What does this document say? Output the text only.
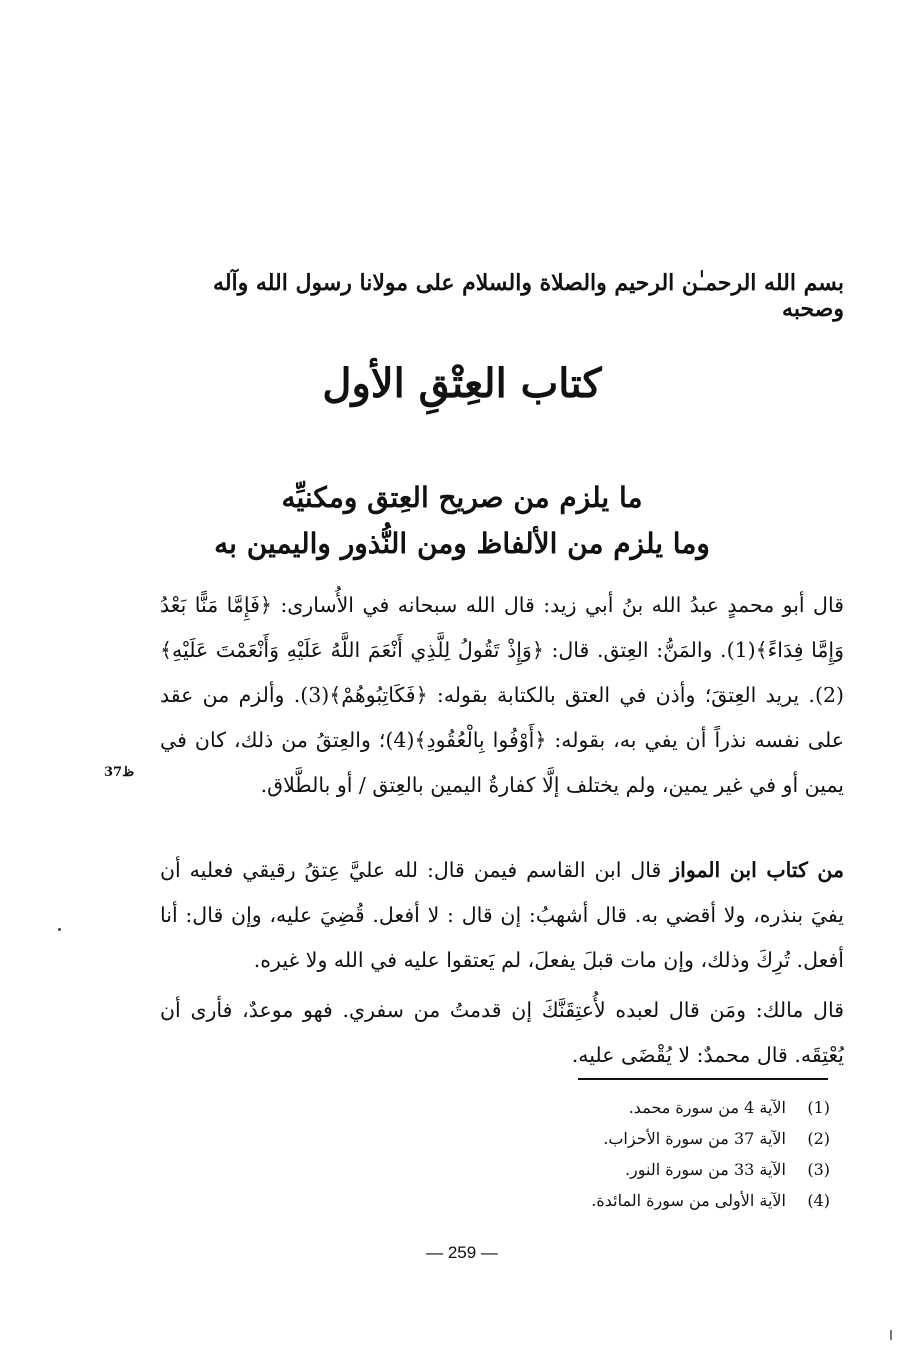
بسم الله الرحمـٰن الرحيم والصلاة والسلام على مولانا رسول الله وآله وصحبه
كتاب العِتْقِ الأول
ما يلزم من صريح العِتق ومكنيِّه
وما يلزم من الألفاظ ومن النُّذور واليمين به
قال أبو محمدٍ عبدُ الله بنُ أبي زيد: قال الله سبحانه في الأُسارى: ﴿فَإِمَّا مَنًّا بَعْدُ وَإِمَّا فِدَاءً﴾(1). والمَنُّ: العِتق. قال: ﴿وَإِذْ تَقُولُ لِلَّذِي أَنْعَمَ اللَّهُ عَلَيْهِ وَأَنْعَمْتَ عَلَيْهِ﴾(2). يريد العِتقَ؛ وأذن في العتق بالكتابة بقوله: ﴿فَكَاتِبُوهُمْ﴾(3). وألزم من عقد على نفسه نذراً أن يفي به، بقوله: ﴿أَوْفُوا بِالْعُقُودِ﴾(4)؛ والعِتقُ من ذلك، كان في يمين أو في غير يمين، ولم يختلف إلَّا كفارةُ اليمين بالعِتق / أو بالطَّلاق.
ظ37
من كتاب ابن المواز قال ابن القاسم فيمن قال: لله عليَّ عِتقُ رقيقي فعليه أن يفيَ بنذره، ولا أقضي به. قال أشهبُ: إن قال : لا أفعل. قُضِيَ عليه، وإن قال: أنا أفعل. تُرِكَ وذلك، وإن مات قبلَ يفعلَ، لم يَعتقوا عليه في الله ولا غيره.
قال مالك: ومَن قال لعبده لأُعتِقَنَّكَ إن قدمتُ من سفري. فهو موعدٌ، فأرى أن يُعْتِقَه. قال محمدٌ: لا يُقْضَى عليه.
(1)
الآية 4 من سورة محمد.
(2)
الآية 37 من سورة الأحزاب.
(3)
الآية 33 من سورة النور.
(4)
الآية الأولى من سورة المائدة.
— 259 —
